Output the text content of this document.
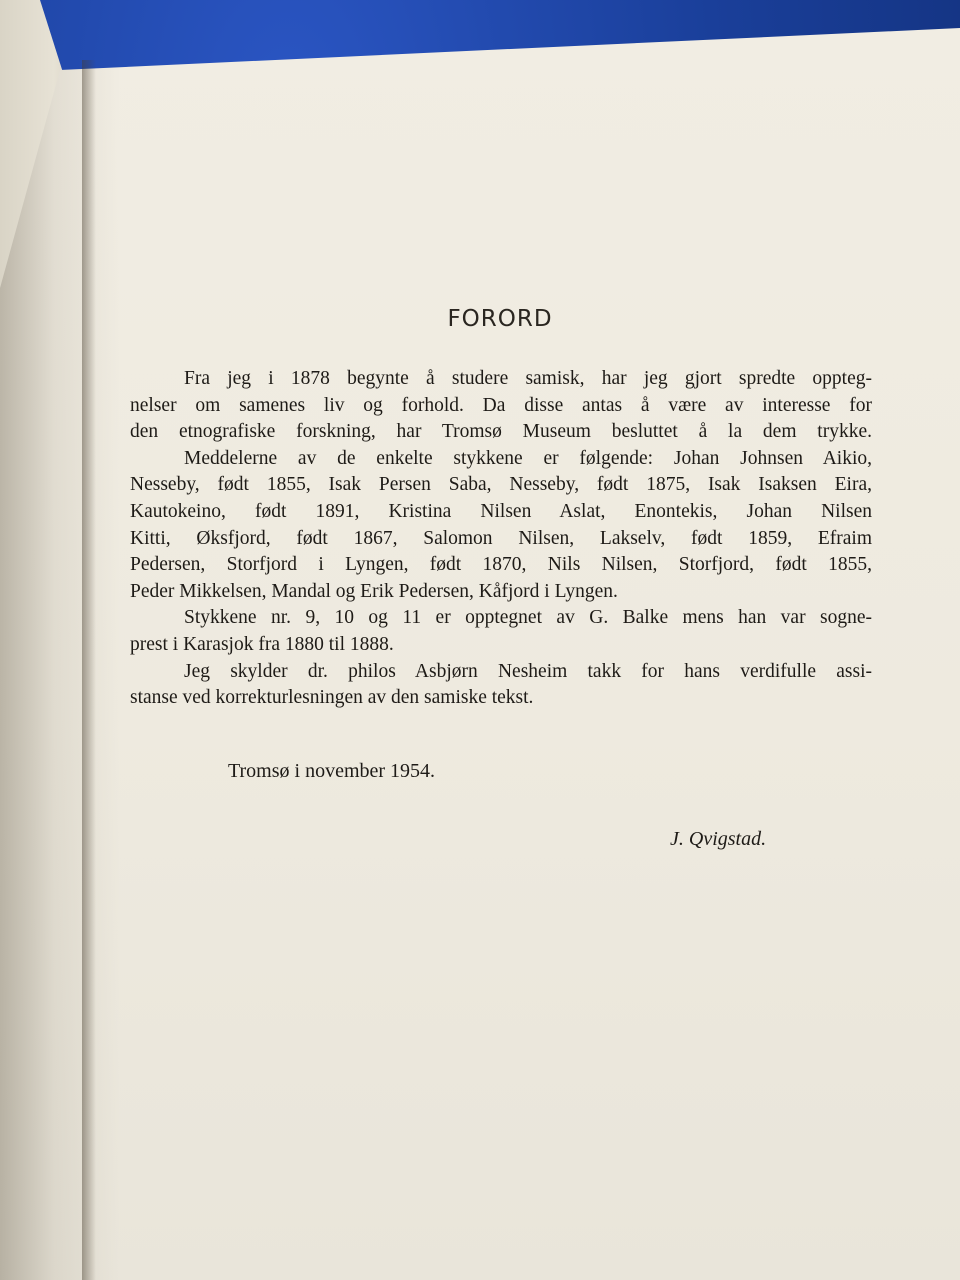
FORORD
Fra jeg i 1878 begynte å studere samisk, har jeg gjort spredte oppteg-
nelser om samenes liv og forhold. Da disse antas å være av interesse for
den etnografiske forskning, har Tromsø Museum besluttet å la dem trykke.
Meddelerne av de enkelte stykkene er følgende: Johan Johnsen Aikio,
Nesseby, født 1855, Isak Persen Saba, Nesseby, født 1875, Isak Isaksen Eira,
Kautokeino, født 1891, Kristina Nilsen Aslat, Enontekis, Johan Nilsen
Kitti, Øksfjord, født 1867, Salomon Nilsen, Lakselv, født 1859, Efraim
Pedersen, Storfjord i Lyngen, født 1870, Nils Nilsen, Storfjord, født 1855,
Peder Mikkelsen, Mandal og Erik Pedersen, Kåfjord i Lyngen.
Stykkene nr. 9, 10 og 11 er opptegnet av G. Balke mens han var sogne-
prest i Karasjok fra 1880 til 1888.
Jeg skylder dr. philos Asbjørn Nesheim takk for hans verdifulle assi-
stanse ved korrekturlesningen av den samiske tekst.
Tromsø i november 1954.
J. Qvigstad.
